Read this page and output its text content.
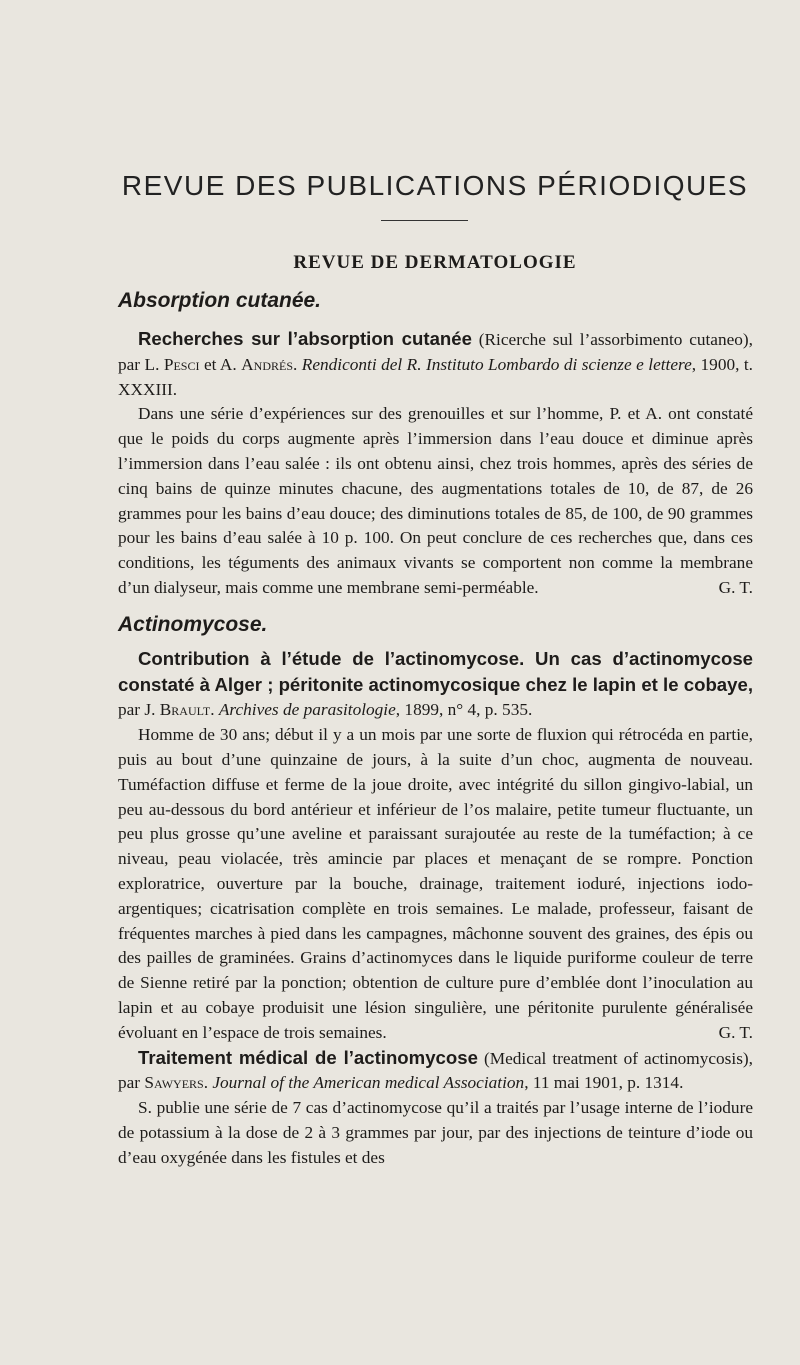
REVUE DES PUBLICATIONS PÉRIODIQUES
REVUE DE DERMATOLOGIE
Absorption cutanée.

Recherches sur l’absorption cutanée (Ricerche sul l’assorbimento cutaneo), par L. Pesci et A. Andrés. Rendiconti del R. Instituto Lombardo di scienze e lettere, 1900, t. XXXIII.

Dans une série d’expériences sur des grenouilles et sur l’homme, P. et A. ont constaté que le poids du corps augmente après l’immersion dans l’eau douce et diminue après l’immersion dans l’eau salée : ils ont obtenu ainsi, chez trois hommes, après des séries de cinq bains de quinze minutes chacune, des augmentations totales de 10, de 87, de 26 grammes pour les bains d’eau douce; des diminutions totales de 85, de 100, de 90 grammes pour les bains d’eau salée à 10 p. 100. On peut conclure de ces recherches que, dans ces conditions, les téguments des animaux vivants se comportent non comme la membrane d’un dialyseur, mais comme une membrane semi-perméable.	G. T.

Actinomycose.

Contribution à l’étude de l’actinomycose. Un cas d’actinomycose constaté à Alger ; péritonite actinomycosique chez le lapin et le cobaye, par J. Brault. Archives de parasitologie, 1899, n° 4, p. 535.

Homme de 30 ans; début il y a un mois par une sorte de fluxion qui rétrocéda en partie, puis au bout d’une quinzaine de jours, à la suite d’un choc, augmenta de nouveau. Tuméfaction diffuse et ferme de la joue droite, avec intégrité du sillon gingivo-labial, un peu au-dessous du bord antérieur et inférieur de l’os malaire, petite tumeur fluctuante, un peu plus grosse qu’une aveline et paraissant surajoutée au reste de la tuméfaction; à ce niveau, peau violacée, très amincie par places et menaçant de se rompre. Ponction exploratrice, ouverture par la bouche, drainage, traitement ioduré, injections iodo-argentiques; cicatrisation complète en trois semaines. Le malade, professeur, faisant de fréquentes marches à pied dans les campagnes, mâchonne souvent des graines, des épis ou des pailles de graminées. Grains d’actinomyces dans le liquide puriforme couleur de terre de Sienne retiré par la ponction; obtention de culture pure d’emblée dont l’inoculation au lapin et au cobaye produisit une lésion singulière, une péritonite purulente généralisée évoluant en l’espace de trois semaines.	G. T.

Traitement médical de l’actinomycose (Medical treatment of actinomycosis), par Sawyers. Journal of the American medical Association, 11 mai 1901, p. 1314.

S. publie une série de 7 cas d’actinomycose qu’il a traités par l’usage interne de l’iodure de potassium à la dose de 2 à 3 grammes par jour, par des injections de teinture d’iode ou d’eau oxygénée dans les fistules et des
